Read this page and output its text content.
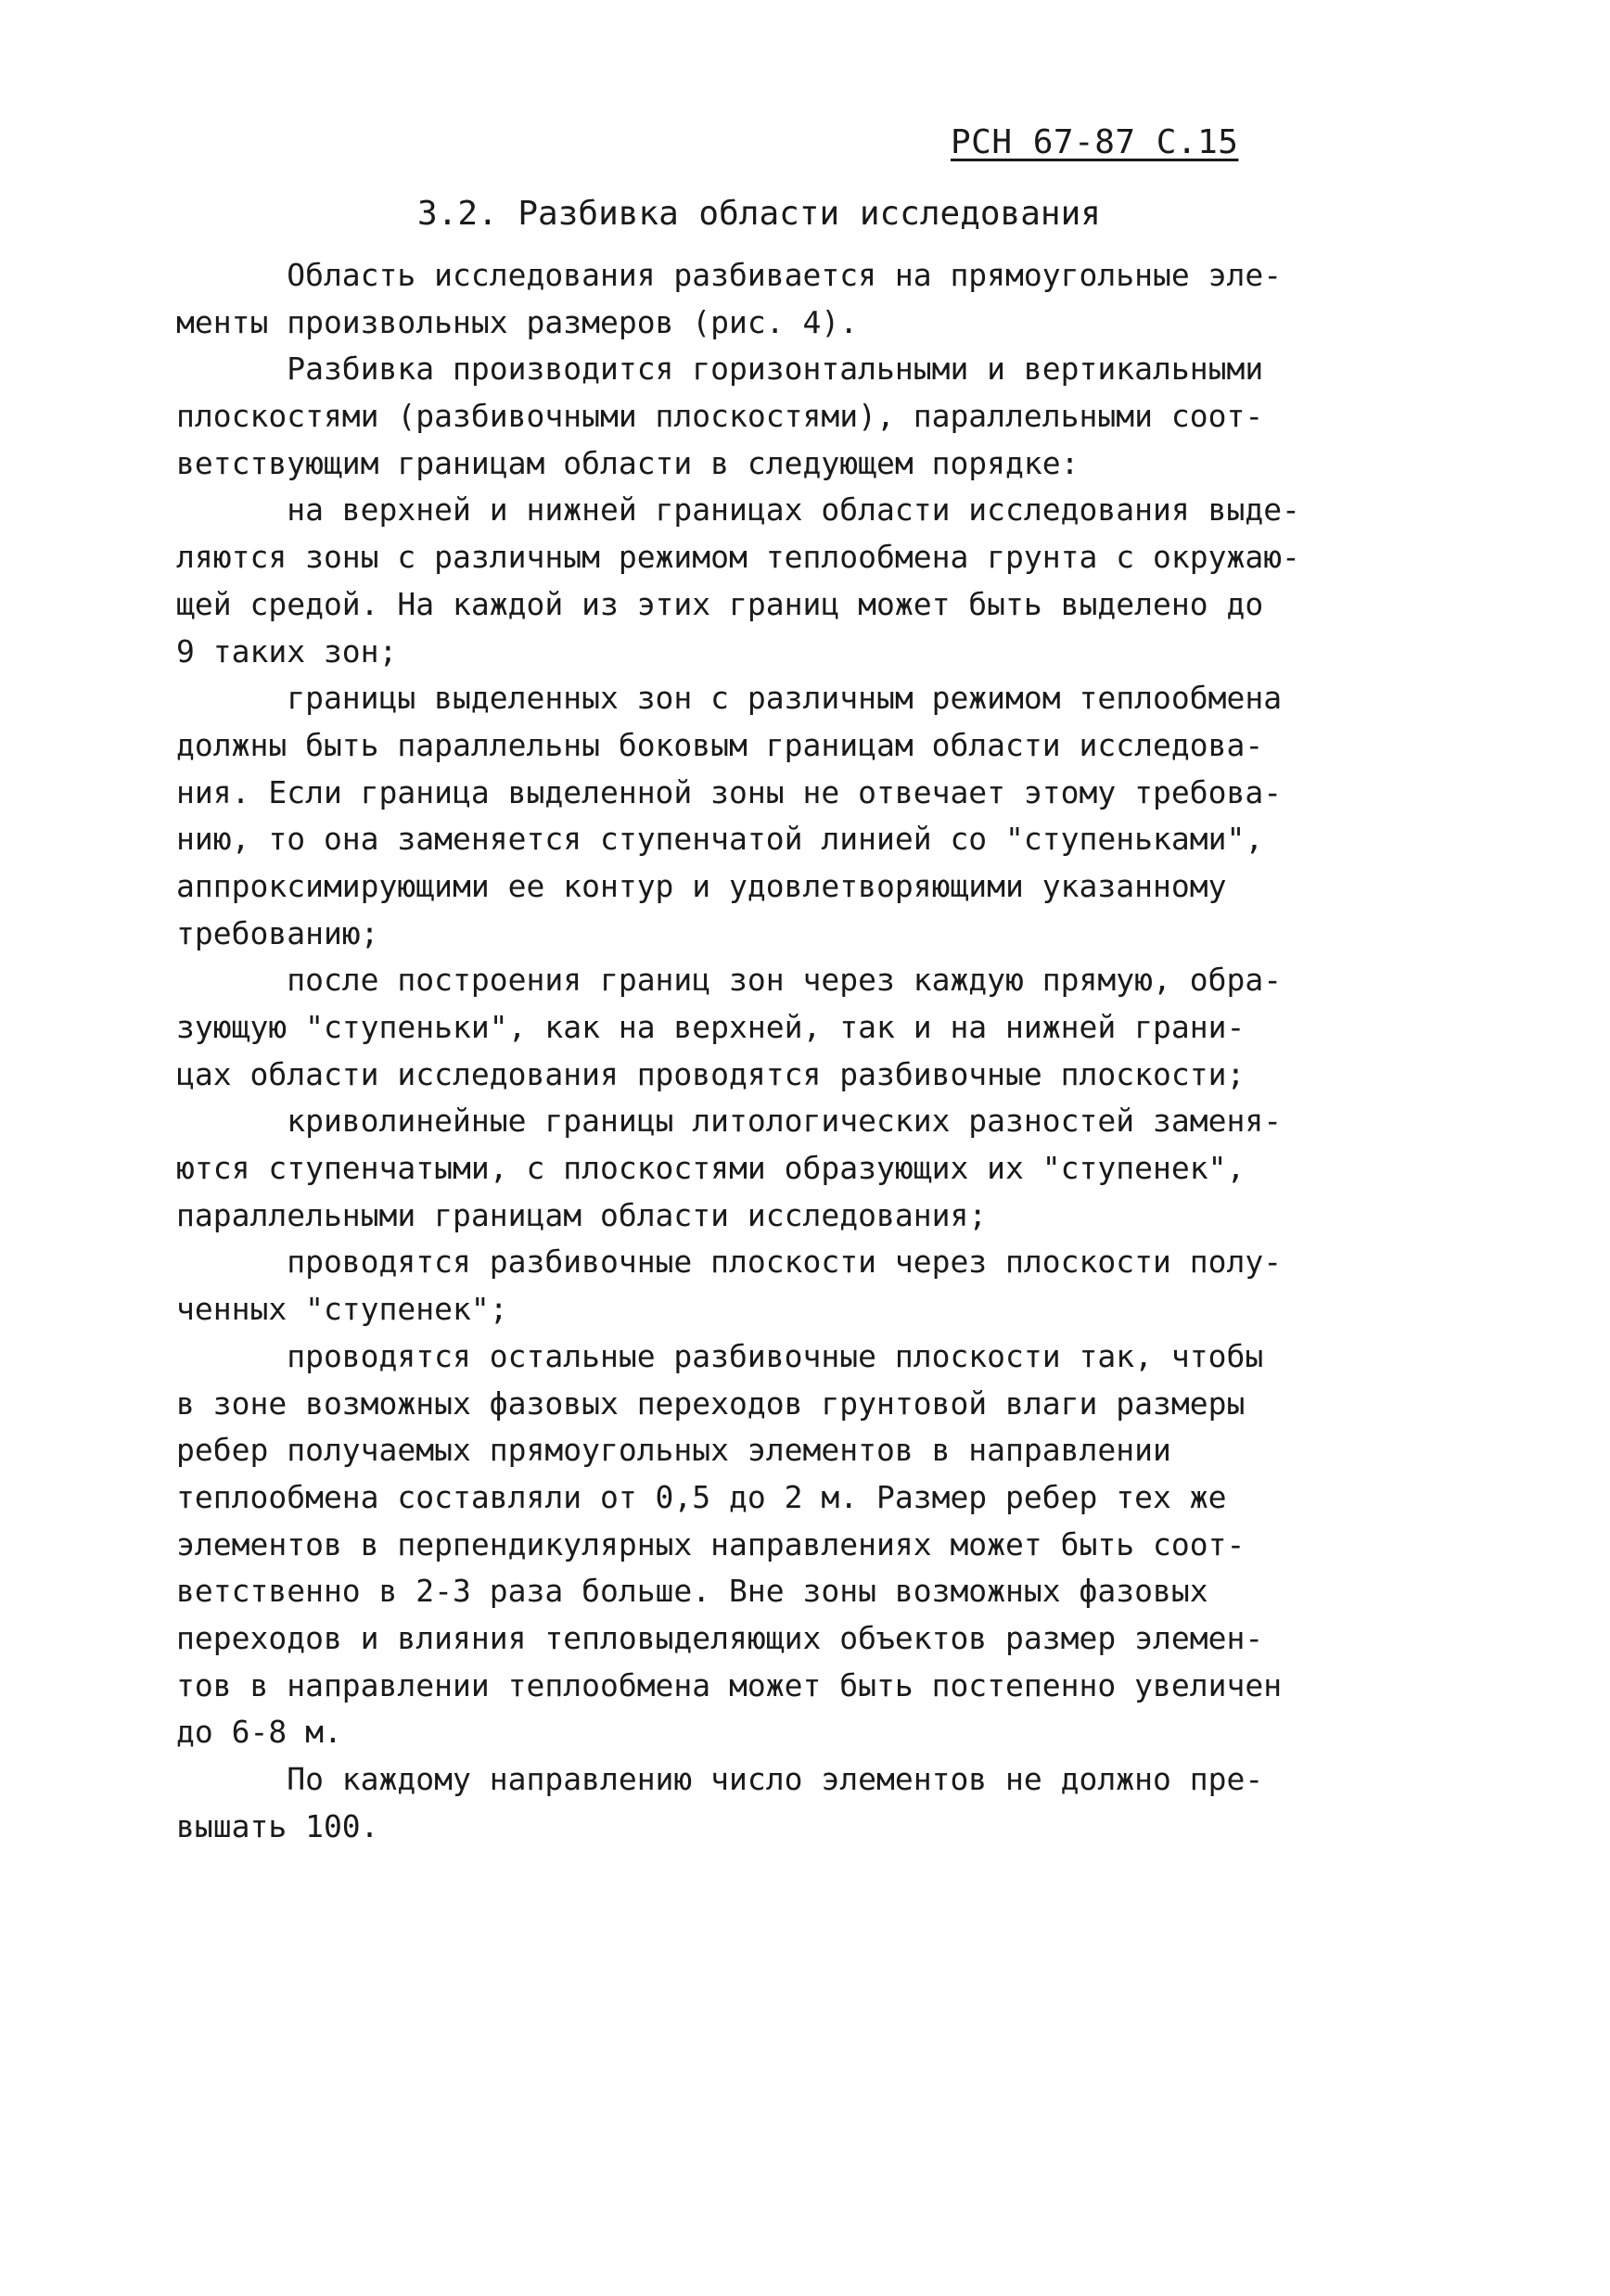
РСН 67-87 С.15
3.2. Разбивка области исследования
Область исследования разбивается на прямоугольные эле-
менты произвольных размеров (рис. 4).
Разбивка производится горизонтальными и вертикальными
плоскостями (разбивочными плоскостями), параллельными соот-
ветствующим границам области в следующем порядке:
на верхней и нижней границах области исследования выде-
ляются зоны с различным режимом теплообмена грунта с окружаю-
щей средой. На каждой из этих границ может быть выделено до
9 таких зон;
границы выделенных зон с различным режимом теплообмена
должны быть параллельны боковым границам области исследова-
ния. Если граница выделенной зоны не отвечает этому требова-
нию, то она заменяется ступенчатой линией со "ступеньками",
аппроксимирующими ее контур и удовлетворяющими указанному
требованию;
после построения границ зон через каждую прямую, обра-
зующую "ступеньки", как на верхней, так и на нижней грани-
цах области исследования проводятся разбивочные плоскости;
криволинейные границы литологических разностей заменя-
ются ступенчатыми, с плоскостями образующих их "ступенек",
параллельными границам области исследования;
проводятся разбивочные плоскости через плоскости полу-
ченных "ступенек";
проводятся остальные разбивочные плоскости так, чтобы
в зоне возможных фазовых переходов грунтовой влаги размеры
ребер получаемых прямоугольных элементов в направлении
теплообмена составляли от 0,5 до 2 м. Размер ребер тех же
элементов в перпендикулярных направлениях может быть соот-
ветственно в 2-3 раза больше. Вне зоны возможных фазовых
переходов и влияния тепловыделяющих объектов размер элемен-
тов в направлении теплообмена может быть постепенно увеличен
до 6-8 м.
По каждому направлению число элементов не должно пре-
вышать 100.
